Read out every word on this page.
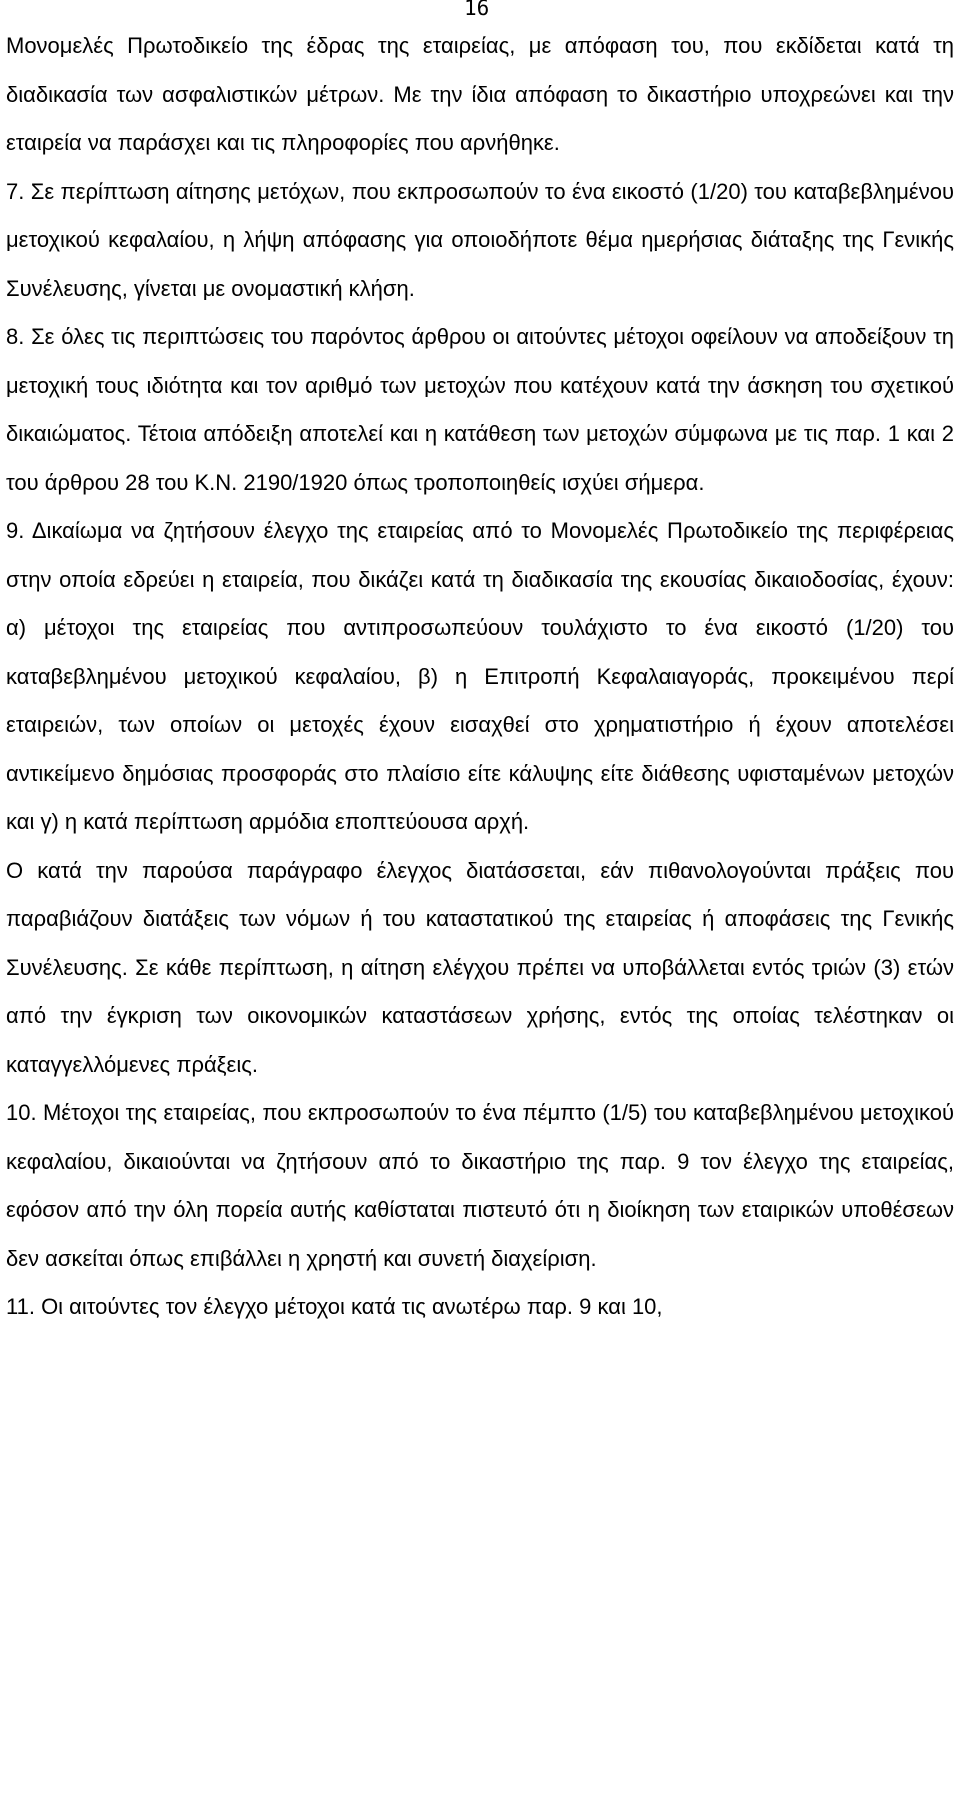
16

Μονομελές Πρωτοδικείο της έδρας της εταιρείας, με απόφαση του, που εκδίδεται κατά τη διαδικασία των ασφαλιστικών μέτρων. Με την ίδια απόφαση το δικαστήριο υποχρεώνει και την εταιρεία να παράσχει και τις πληροφορίες που αρνήθηκε.

7. Σε περίπτωση αίτησης μετόχων, που εκπροσωπούν το ένα εικοστό (1/20) του καταβεβλημένου μετοχικού κεφαλαίου, η λήψη απόφασης για οποιοδήποτε θέμα ημερήσιας διάταξης της Γενικής Συνέλευσης, γίνεται με ονομαστική κλήση.

8. Σε όλες τις περιπτώσεις του παρόντος άρθρου οι αιτούντες μέτοχοι οφείλουν να αποδείξουν τη μετοχική τους ιδιότητα και τον αριθμό των μετοχών που κατέχουν κατά την άσκηση του σχετικού δικαιώματος. Τέτοια απόδειξη αποτελεί και η κατάθεση των μετοχών σύμφωνα με τις παρ. 1 και 2 του άρθρου 28 του Κ.Ν. 2190/1920 όπως τροποποιηθείς ισχύει σήμερα.

9. Δικαίωμα να ζητήσουν έλεγχο της εταιρείας από το Μονομελές Πρωτοδικείο της περιφέρειας στην οποία εδρεύει η εταιρεία, που δικάζει κατά τη διαδικασία της εκουσίας δικαιοδοσίας, έχουν: α) μέτοχοι της εταιρείας που αντιπροσωπεύουν τουλάχιστο το ένα εικοστό (1/20) του καταβεβλημένου μετοχικού κεφαλαίου, β) η Επιτροπή Κεφαλαιαγοράς, προκειμένου περί εταιρειών, των οποίων οι μετοχές έχουν εισαχθεί στο χρηματιστήριο ή έχουν αποτελέσει αντικείμενο δημόσιας προσφοράς στο πλαίσιο είτε κάλυψης είτε διάθεσης υφισταμένων μετοχών και γ) η κατά περίπτωση αρμόδια εποπτεύουσα αρχή.

Ο κατά την παρούσα παράγραφο έλεγχος διατάσσεται, εάν πιθανολογούνται πράξεις που παραβιάζουν διατάξεις των νόμων ή του καταστατικού της εταιρείας ή αποφάσεις της Γενικής Συνέλευσης. Σε κάθε περίπτωση, η αίτηση ελέγχου πρέπει να υποβάλλεται εντός τριών (3) ετών από την έγκριση των οικονομικών καταστάσεων χρήσης, εντός της οποίας τελέστηκαν οι καταγγελλόμενες πράξεις.

10. Μέτοχοι της εταιρείας, που εκπροσωπούν το ένα πέμπτο (1/5) του καταβεβλημένου μετοχικού κεφαλαίου, δικαιούνται να ζητήσουν από το δικαστήριο της παρ. 9 τον έλεγχο της εταιρείας, εφόσον από την όλη πορεία αυτής καθίσταται πιστευτό ότι η διοίκηση των εταιρικών υποθέσεων δεν ασκείται όπως επιβάλλει η χρηστή και συνετή διαχείριση.

11. Οι αιτούντες τον έλεγχο μέτοχοι κατά τις ανωτέρω παρ. 9 και 10,
